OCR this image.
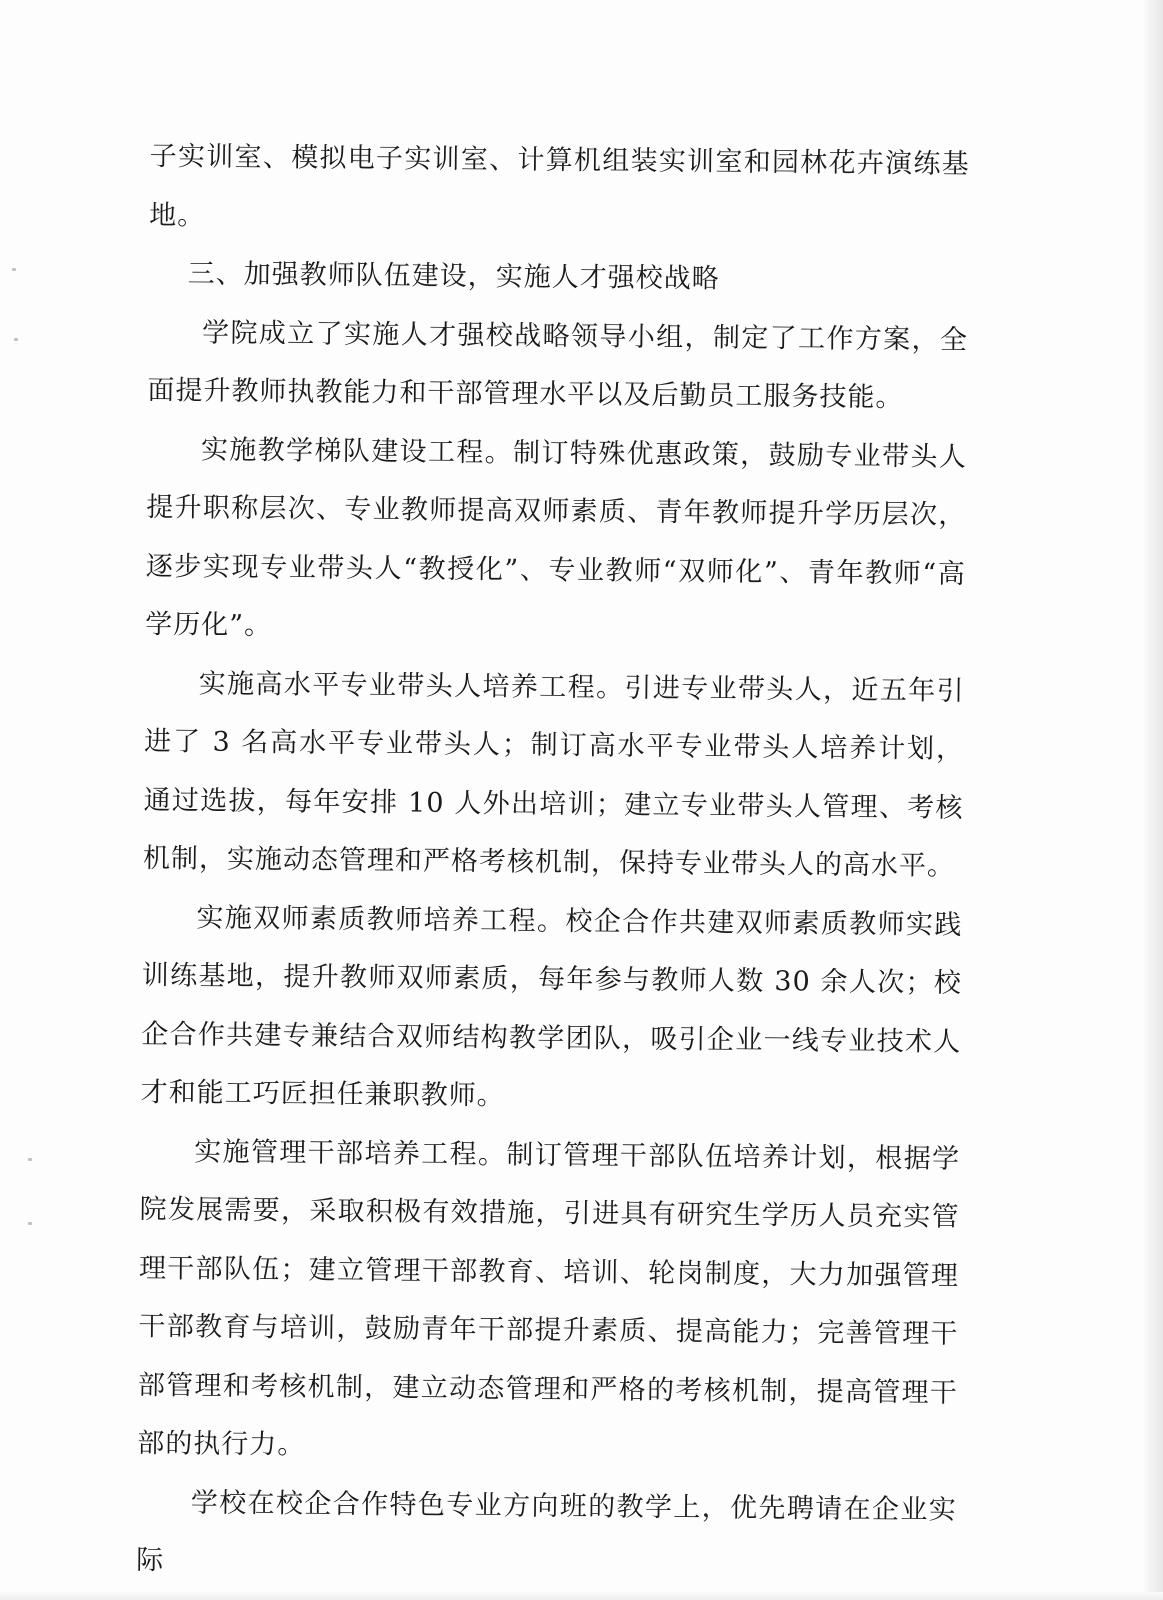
子实训室、模拟电子实训室、计算机组装实训室和园林花卉演练基地。

三、加强教师队伍建设，实施人才强校战略

学院成立了实施人才强校战略领导小组，制定了工作方案，全面提升教师执教能力和干部管理水平以及后勤员工服务技能。

实施教学梯队建设工程。制订特殊优惠政策，鼓励专业带头人提升职称层次、专业教师提高双师素质、青年教师提升学历层次，逐步实现专业带头人“教授化”、专业教师“双师化”、青年教师“高学历化”。

实施高水平专业带头人培养工程。引进专业带头人，近五年引进了 3 名高水平专业带头人；制订高水平专业带头人培养计划，通过选拔，每年安排 10 人外出培训；建立专业带头人管理、考核机制，实施动态管理和严格考核机制，保持专业带头人的高水平。

实施双师素质教师培养工程。校企合作共建双师素质教师实践训练基地，提升教师双师素质，每年参与教师人数 30 余人次；校企合作共建专兼结合双师结构教学团队，吸引企业一线专业技术人才和能工巧匠担任兼职教师。

实施管理干部培养工程。制订管理干部队伍培养计划，根据学院发展需要，采取积极有效措施，引进具有研究生学历人员充实管理干部队伍；建立管理干部教育、培训、轮岗制度，大力加强管理干部教育与培训，鼓励青年干部提升素质、提高能力；完善管理干部管理和考核机制，建立动态管理和严格的考核机制，提高管理干部的执行力。

学校在校企合作特色专业方向班的教学上，优先聘请在企业实际
